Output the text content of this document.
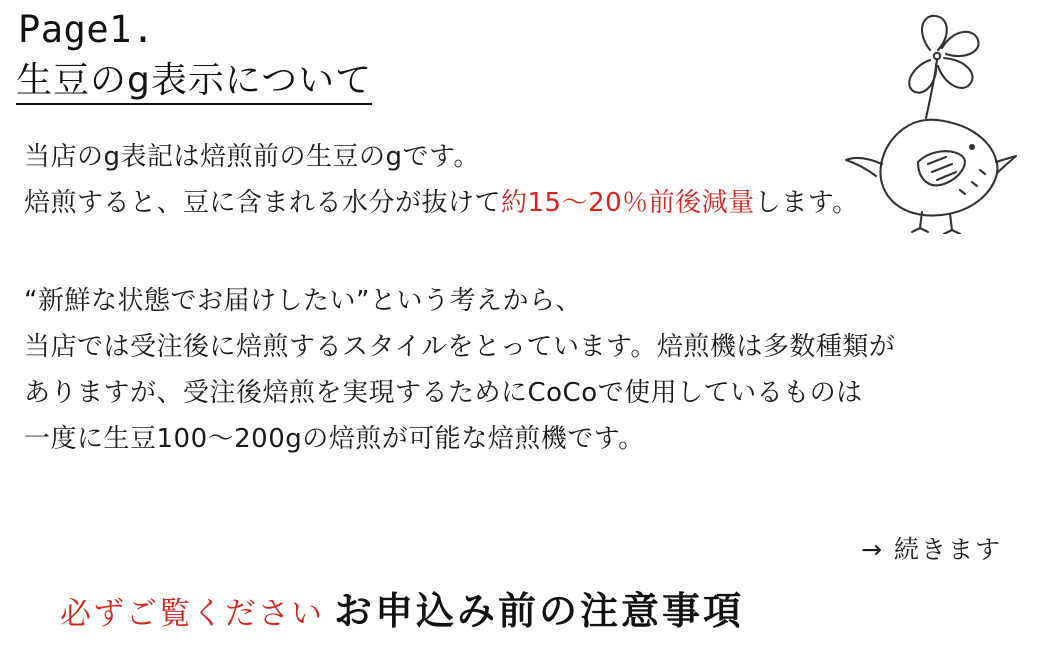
Page1.
生豆のg表示について
当店のg表記は焙煎前の生豆のgです。
焙煎すると、豆に含まれる水分が抜けて約15〜20％前後減量します。
“新鮮な状態でお届けしたい”という考えから、
当店では受注後に焙煎するスタイルをとっています。焙煎機は多数種類が
ありますが、受注後焙煎を実現するためにCoCoで使用しているものは
一度に生豆100〜200gの焙煎が可能な焙煎機です。
→ 続きます
必ずご覧ください お申込み前の注意事項
